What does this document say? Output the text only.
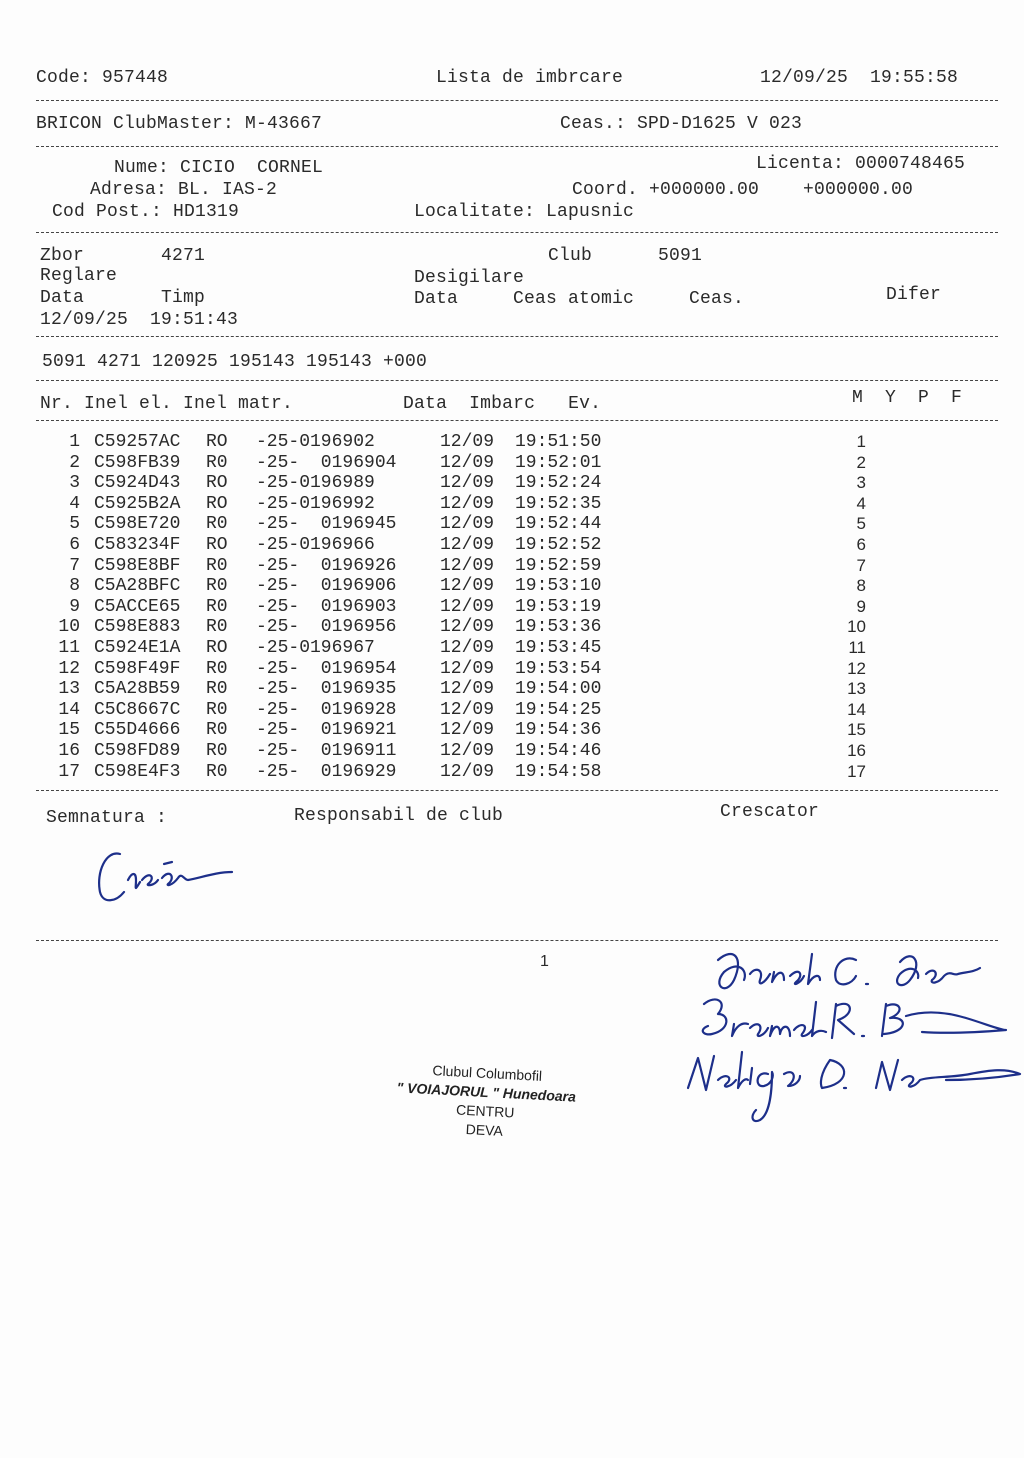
Code: 957448	Lista de imbrcare	12/09/25  19:55:58
BRICON ClubMaster: M-43667	Ceas.: SPD-D1625 V 023
Nume: CICIO  CORNEL	Licenta: 0000748465
Adresa: BL. IAS-2	Coord. +000000.00    +000000.00
Cod Post.: HD1319	Localitate: Lapusnic
Zbor       4271	Club      5091
Reglare	Desigilare
Data       Timp	Data     Ceas atomic     Ceas.	Difer
12/09/25  19:51:43
5091 4271 120925 195143 195143 +000
Nr. Inel el. Inel matr.          Data  Imbarc   Ev.	M  Y  P  F
1 C59257AC RO -25-0196902	12/09 19:51:50	1
2 C598FB39 R0 -25-  0196904 12/09 19:52:01	2
3 C5924D43 RO -25-0196989	12/09 19:52:24	3
4 C5925B2A RO -25-0196992	12/09 19:52:35	4
5 C598E720 R0 -25-  0196945 12/09 19:52:44	5
6 C583234F RO -25-0196966	12/09 19:52:52	6
7 C598E8BF R0 -25-  0196926 12/09 19:52:59	7
8 C5A28BFC R0 -25-  0196906 12/09 19:53:10	8
9 C5ACCE65 R0 -25-  0196903 12/09 19:53:19	9
10 C598E883 R0 -25-  0196956 12/09 19:53:36	10
11 C5924E1A RO -25-0196967	12/09 19:53:45	11
12 C598F49F R0 -25-  0196954 12/09 19:53:54	12
13 C5A28B59 R0 -25-  0196935 12/09 19:54:00	13
14 C5C8667C R0 -25-  0196928 12/09 19:54:25	14
15 C55D4666 R0 -25-  0196921 12/09 19:54:36	15
16 C598FD89 R0 -25-  0196911 12/09 19:54:46	16
17 C598E4F3 R0 -25-  0196929 12/09 19:54:58	17
Semnatura :	Responsabil de club	Crescator
1
Clubul Columbofil
" VOIAJORUL " Hunedoara
CENTRU
DEVA
